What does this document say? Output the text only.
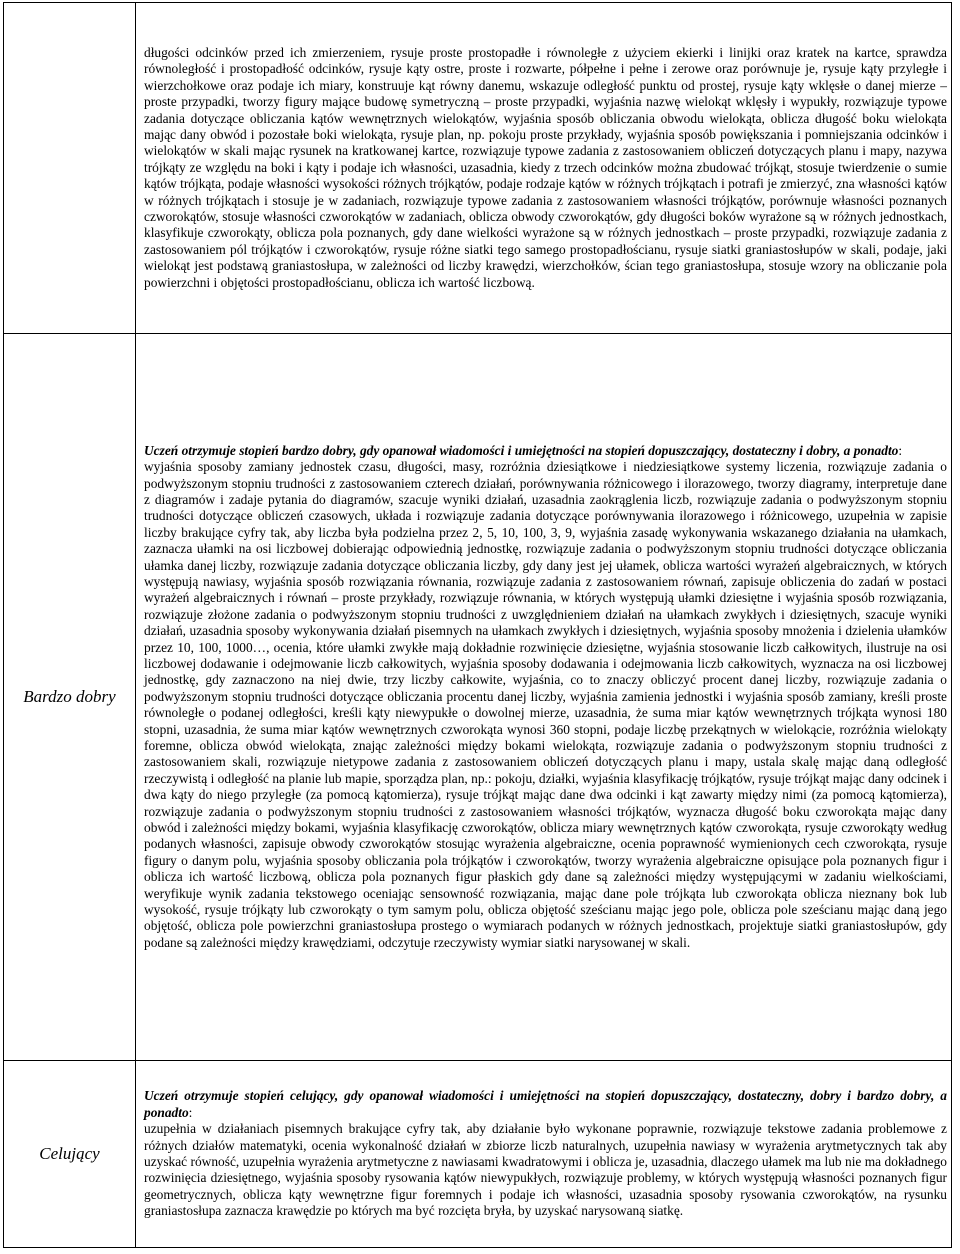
	długości odcinków przed ich zmierzeniem, rysuje proste prostopadłe i równoległe z użyciem ekierki i linijki oraz kratek na kartce, sprawdza równoległość i prostopadłość odcinków, rysuje kąty ostre, proste i rozwarte, półpełne i pełne i zerowe oraz porównuje je, rysuje kąty przyległe i wierzchołkowe oraz podaje ich miary, konstruuje kąt równy danemu, wskazuje odległość punktu od prostej, rysuje kąty wklęsłe o danej mierze – proste przypadki, tworzy figury mające budowę symetryczną – proste przypadki, wyjaśnia nazwę wielokąt wklęsły i wypukły, rozwiązuje typowe zadania dotyczące obliczania kątów wewnętrznych wielokątów, wyjaśnia sposób obliczania obwodu wielokąta, oblicza długość boku wielokąta mając dany obwód i pozostałe boki wielokąta, rysuje plan, np. pokoju proste przykłady, wyjaśnia sposób powiększania i pomniejszania odcinków i wielokątów w skali mając rysunek na kratkowanej kartce, rozwiązuje typowe zadania z zastosowaniem obliczeń dotyczących planu i mapy, nazywa trójkąty ze względu na boki i kąty i podaje ich własności, uzasadnia, kiedy z trzech odcinków można zbudować trójkąt, stosuje twierdzenie o sumie kątów trójkąta, podaje własności wysokości różnych trójkątów, podaje rodzaje kątów w różnych trójkątach i potrafi je zmierzyć, zna własności kątów w różnych trójkątach i stosuje je w zadaniach, rozwiązuje typowe zadania z zastosowaniem własności trójkątów, porównuje własności poznanych czworokątów, stosuje własności czworokątów w zadaniach, oblicza obwody czworokątów, gdy długości boków wyrażone są w różnych jednostkach, klasyfikuje czworokąty, oblicza pola poznanych, gdy dane wielkości wyrażone są w różnych jednostkach – proste przypadki, rozwiązuje zadania z zastosowaniem pól trójkątów i czworokątów, rysuje różne siatki tego samego prostopadłościanu, rysuje siatki graniastosłupów w skali, podaje, jaki wielokąt jest podstawą graniastosłupa, w zależności od liczby krawędzi, wierzchołków, ścian tego graniastosłupa, stosuje wzory na obliczanie pola powierzchni i objętości prostopadłościanu, oblicza ich wartość liczbową.

Bardzo dobry	Uczeń otrzymuje stopień bardzo dobry, gdy opanował wiadomości i umiejętności na stopień dopuszczający, dostateczny i dobry, a ponadto:

wyjaśnia sposoby zamiany jednostek czasu, długości, masy, rozróżnia dziesiątkowe i niedziesiątkowe systemy liczenia, rozwiązuje zadania o podwyższonym stopniu trudności z zastosowaniem czterech działań, porównywania różnicowego i ilorazowego, tworzy diagramy, interpretuje dane z diagramów i zadaje pytania do diagramów, szacuje wyniki działań, uzasadnia zaokrąglenia liczb, rozwiązuje zadania o podwyższonym stopniu trudności dotyczące obliczeń czasowych, układa i rozwiązuje zadania dotyczące porównywania ilorazowego i różnicowego, uzupełnia w zapisie liczby brakujące cyfry tak, aby liczba była podzielna przez 2, 5, 10, 100, 3, 9, wyjaśnia zasadę wykonywania wskazanego działania na ułamkach, zaznacza ułamki na osi liczbowej dobierając odpowiednią jednostkę, rozwiązuje zadania o podwyższonym stopniu trudności dotyczące obliczania ułamka danej liczby, rozwiązuje zadania dotyczące obliczania liczby, gdy dany jest jej ułamek, oblicza wartości wyrażeń algebraicznych, w których występują nawiasy, wyjaśnia sposób rozwiązania równania, rozwiązuje zadania z zastosowaniem równań, zapisuje obliczenia do zadań w postaci wyrażeń algebraicznych i równań – proste przykłady, rozwiązuje równania, w których występują ułamki dziesiętne i wyjaśnia sposób rozwiązania, rozwiązuje złożone zadania o podwyższonym stopniu trudności z uwzględnieniem działań na ułamkach zwykłych i dziesiętnych, szacuje wyniki działań, uzasadnia sposoby wykonywania działań pisemnych na ułamkach zwykłych i dziesiętnych, wyjaśnia sposoby mnożenia i dzielenia ułamków przez 10, 100, 1000…, ocenia, które ułamki zwykłe mają dokładnie rozwinięcie dziesiętne, wyjaśnia stosowanie liczb całkowitych, ilustruje na osi liczbowej dodawanie i odejmowanie liczb całkowitych, wyjaśnia sposoby dodawania i odejmowania liczb całkowitych, wyznacza na osi liczbowej jednostkę, gdy zaznaczono na niej dwie, trzy liczby całkowite, wyjaśnia, co to znaczy obliczyć procent danej liczby, rozwiązuje zadania o podwyższonym stopniu trudności dotyczące obliczania procentu danej liczby, wyjaśnia zamienia jednostki i wyjaśnia sposób zamiany, kreśli proste równoległe o podanej odległości, kreśli kąty niewypukłe o dowolnej mierze, uzasadnia, że suma miar kątów wewnętrznych trójkąta wynosi 180 stopni, uzasadnia, że suma miar kątów wewnętrznych czworokąta wynosi 360 stopni, podaje liczbę przekątnych w wielokącie, rozróżnia wielokąty foremne, oblicza obwód wielokąta, znając zależności między bokami wielokąta, rozwiązuje zadania o podwyższonym stopniu trudności z zastosowaniem skali, rozwiązuje nietypowe zadania z zastosowaniem obliczeń dotyczących planu i mapy, ustala skalę mając daną odległość rzeczywistą i odległość na planie lub mapie, sporządza plan, np.: pokoju, działki, wyjaśnia klasyfikację trójkątów, rysuje trójkąt mając dany odcinek i dwa kąty do niego przyległe (za pomocą kątomierza), rysuje trójkąt mając dane dwa odcinki i kąt zawarty między nimi (za pomocą kątomierza), rozwiązuje zadania o podwyższonym stopniu trudności z zastosowaniem własności trójkątów, wyznacza długość boku czworokąta mając dany obwód i zależności między bokami, wyjaśnia klasyfikację czworokątów, oblicza miary wewnętrznych kątów czworokąta, rysuje czworokąty według podanych własności, zapisuje obwody czworokątów stosując wyrażenia algebraiczne, ocenia poprawność wymienionych cech czworokąta, rysuje figury o danym polu, wyjaśnia sposoby obliczania pola trójkątów i czworokątów, tworzy wyrażenia algebraiczne opisujące pola poznanych figur i oblicza ich wartość liczbową, oblicza pola poznanych figur płaskich gdy dane są zależności między występującymi w zadaniu wielkościami, weryfikuje wynik zadania tekstowego oceniając sensowność rozwiązania, mając dane pole trójkąta lub czworokąta oblicza nieznany bok lub wysokość, rysuje trójkąty lub czworokąty o tym samym polu, oblicza objętość sześcianu mając jego pole, oblicza pole sześcianu mając daną jego objętość, oblicza pole powierzchni graniastosłupa prostego o wymiarach podanych w różnych jednostkach, projektuje siatki graniastosłupów, gdy podane są zależności między krawędziami, odczytuje rzeczywisty wymiar siatki narysowanej w skali.

Celujący	Uczeń otrzymuje stopień celujący, gdy opanował wiadomości i umiejętności na stopień dopuszczający, dostateczny, dobry i bardzo dobry, a ponadto:

uzupełnia w działaniach pisemnych brakujące cyfry tak, aby działanie było wykonane poprawnie, rozwiązuje tekstowe zadania problemowe z różnych działów matematyki, ocenia wykonalność działań w zbiorze liczb naturalnych, uzupełnia nawiasy w wyrażenia arytmetycznych tak aby uzyskać równość, uzupełnia wyrażenia arytmetyczne z nawiasami kwadratowymi i oblicza je, uzasadnia, dlaczego ułamek ma lub nie ma dokładnego rozwinięcia dziesiętnego, wyjaśnia sposoby rysowania kątów niewypukłych, rozwiązuje problemy, w których występują własności poznanych figur geometrycznych, oblicza kąty wewnętrzne figur foremnych i podaje ich własności, uzasadnia sposoby rysowania czworokątów, na rysunku graniastosłupa zaznacza krawędzie po których ma być rozcięta bryła, by uzyskać narysowaną siatkę.
